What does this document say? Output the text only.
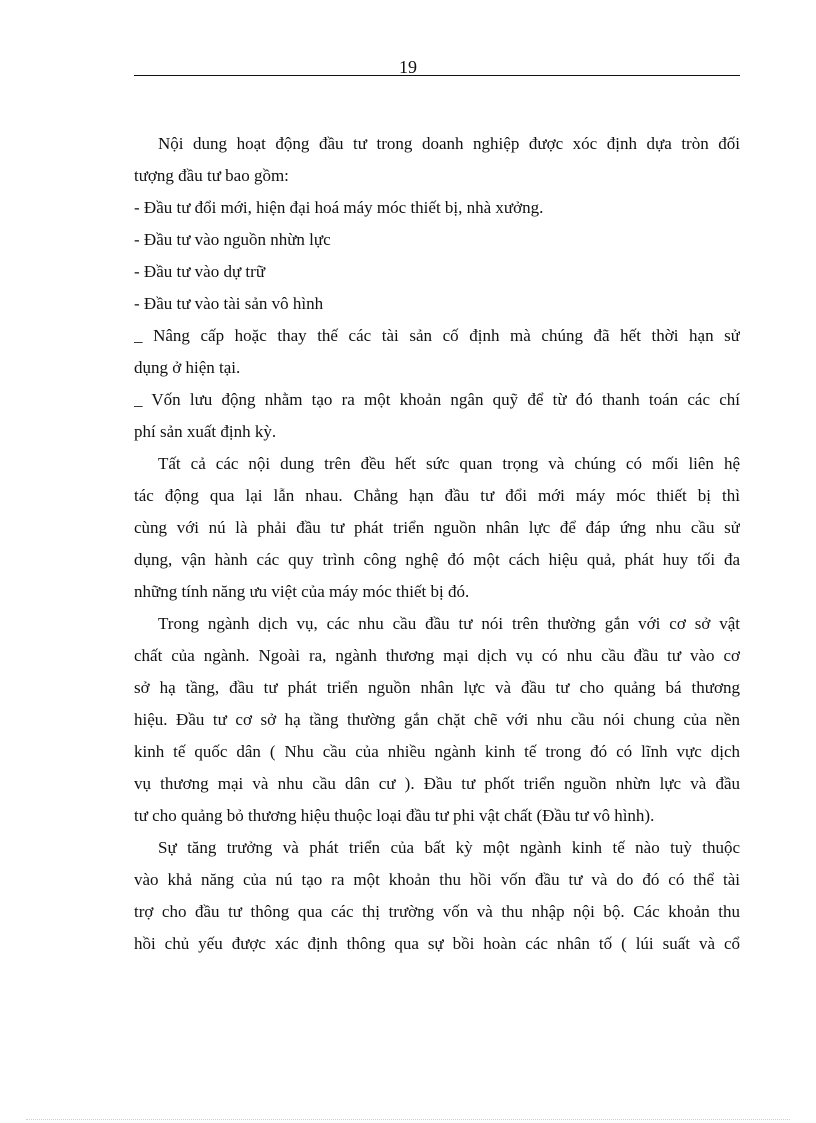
19
Nội dung hoạt động đầu tư trong doanh nghiệp được xóc định dựa tròn đối
tượng đầu tư bao gồm:
- Đầu tư đổi mới, hiện đại hoá máy móc thiết bị, nhà xưởng.
- Đầu tư vào nguồn nhừn lực
- Đầu tư vào dự trữ
- Đầu tư vào tài sản vô hình
_ Nâng cấp hoặc thay thế các tài sản cố định mà chúng đã hết thời hạn sử
dụng ở hiện tại.
_ Vốn lưu động nhằm tạo ra một khoản ngân quỹ để từ đó thanh toán các chí
phí sản xuất định kỳ.
Tất cả các nội dung trên đều hết sức quan trọng và chúng có mối liên hệ
tác động qua lại lẫn nhau. Chẳng hạn đầu tư đổi mới máy móc thiết bị thì
cùng với nú là phải đầu tư phát triển nguồn nhân lực để đáp ứng nhu cầu sử
dụng, vận hành các quy trình công nghệ đó một cách hiệu quả, phát huy tối đa
những tính năng ưu việt của máy móc thiết bị đó.
Trong ngành dịch vụ, các nhu cầu đầu tư nói trên thường gắn với cơ sở vật
chất của ngành. Ngoài ra, ngành thương mại dịch vụ có nhu cầu đầu tư vào cơ
sở hạ tầng, đầu tư phát triển nguồn nhân lực và đầu tư cho quảng bá thương
hiệu. Đầu tư cơ sở hạ tầng thường gắn chặt chẽ với nhu cầu nói chung của nền
kinh tế quốc dân ( Nhu cầu của nhiều ngành kinh tế trong đó có lĩnh vực dịch
vụ thương mại và nhu cầu dân cư ). Đầu tư phốt triển nguồn nhừn lực và đầu
tư cho quảng bỏ thương hiệu thuộc loại đầu tư phi vật chất (Đầu tư vô hình).
Sự tăng trưởng và phát triển của bất kỳ một ngành kinh tế nào tuỳ thuộc
vào khả năng của nú tạo ra một khoản thu hồi vốn đầu tư và do đó có thể tài
trợ cho đầu tư thông qua các thị trường vốn và thu nhập nội bộ. Các khoản thu
hồi chủ yếu được xác định thông qua sự bồi hoàn các nhân tố ( lúi suất và cổ
